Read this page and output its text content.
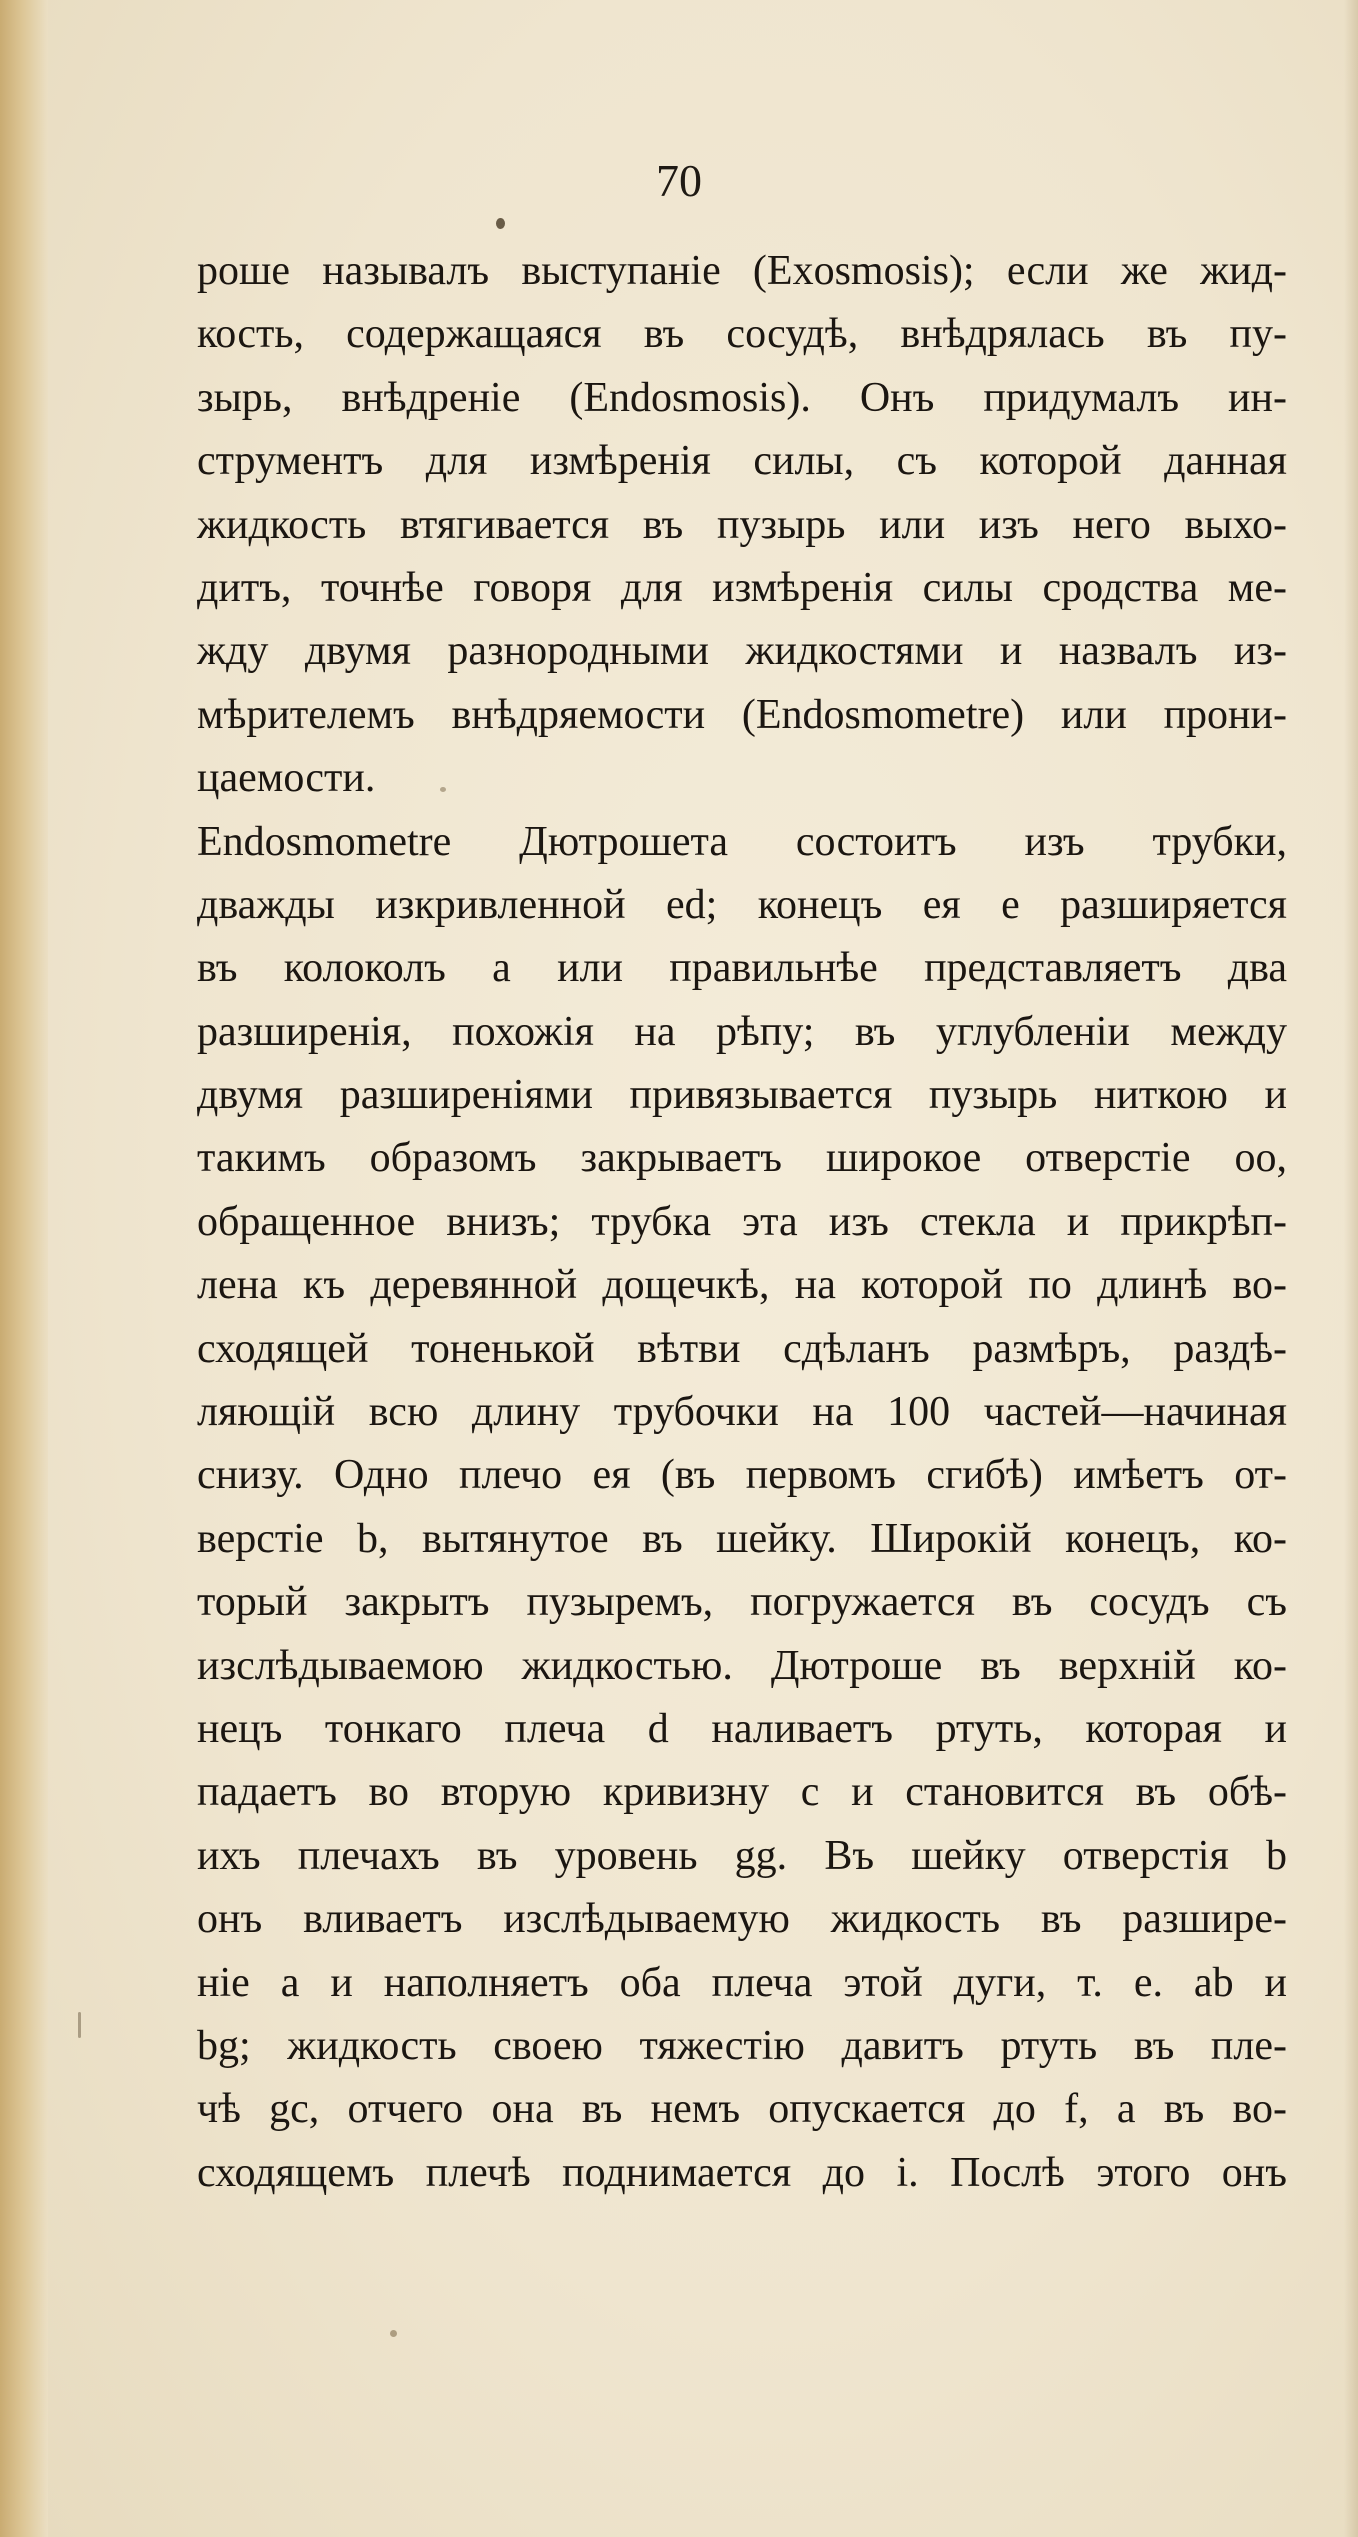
70
роше называлъ выступаніе (Exosmosis); если же жид-
кость, содержащаяся въ сосудѣ, внѣдрялась въ пу-
зырь, внѣдреніе (Endosmosis). Онъ придумалъ ин-
струментъ для измѣренія силы, съ которой данная
жидкость втягивается въ пузырь или изъ него выхо-
дитъ, точнѣе говоря для измѣренія силы сродства ме-
жду двумя разнородными жидкостями и назвалъ из-
мѣрителемъ внѣдряемости (Endosmometre) или прони-
цаемости.
Endosmometre Дютрошета состоитъ изъ трубки,
дважды изкривленной ed; конецъ ея е разширяется
въ колоколъ а или правильнѣе представляетъ два
разширенія, похожія на рѣпу; въ углубленіи между
двумя разширеніями привязывается пузырь ниткою и
такимъ образомъ закрываетъ широкое отверстіе oo,
обращенное внизъ; трубка эта изъ стекла и прикрѣп-
лена къ деревянной дощечкѣ, на которой по длинѣ во-
сходящей тоненькой вѣтви сдѣланъ размѣръ, раздѣ-
ляющій всю длину трубочки на 100 частей—начиная
снизу. Одно плечо ея (въ первомъ сгибѣ) имѣетъ от-
верстіе b, вытянутое въ шейку. Широкій конецъ, ко-
торый закрытъ пузыремъ, погружается въ сосудъ съ
изслѣдываемою жидкостью. Дютроше въ верхній ко-
нецъ тонкаго плеча d наливаетъ ртуть, которая и
падаетъ во вторую кривизну c и становится въ обѣ-
ихъ плечахъ въ уровень gg. Въ шейку отверстія b
онъ вливаетъ изслѣдываемую жидкость въ разшире-
ніе a и наполняетъ оба плеча этой дуги, т. е. ab и
bg; жидкость своею тяжестію давитъ ртуть въ пле-
чѣ gc, отчего она въ немъ опускается до f, а въ во-
сходящемъ плечѣ поднимается до i. Послѣ этого онъ
